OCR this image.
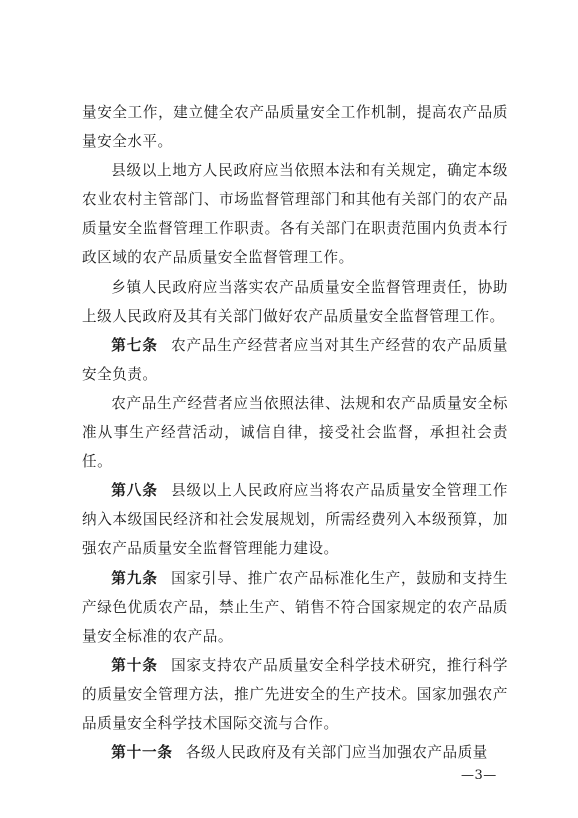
量安全工作，建立健全农产品质量安全工作机制，提高农产品质量安全水平。

县级以上地方人民政府应当依照本法和有关规定，确定本级农业农村主管部门、市场监督管理部门和其他有关部门的农产品质量安全监督管理工作职责。各有关部门在职责范围内负责本行政区域的农产品质量安全监督管理工作。

乡镇人民政府应当落实农产品质量安全监督管理责任，协助上级人民政府及其有关部门做好农产品质量安全监督管理工作。

第七条 农产品生产经营者应当对其生产经营的农产品质量安全负责。

农产品生产经营者应当依照法律、法规和农产品质量安全标准从事生产经营活动，诚信自律，接受社会监督，承担社会责任。

第八条 县级以上人民政府应当将农产品质量安全管理工作纳入本级国民经济和社会发展规划，所需经费列入本级预算，加强农产品质量安全监督管理能力建设。

第九条 国家引导、推广农产品标准化生产，鼓励和支持生产绿色优质农产品，禁止生产、销售不符合国家规定的农产品质量安全标准的农产品。

第十条 国家支持农产品质量安全科学技术研究，推行科学的质量安全管理方法，推广先进安全的生产技术。国家加强农产品质量安全科学技术国际交流与合作。

第十一条 各级人民政府及有关部门应当加强农产品质量

—3—
